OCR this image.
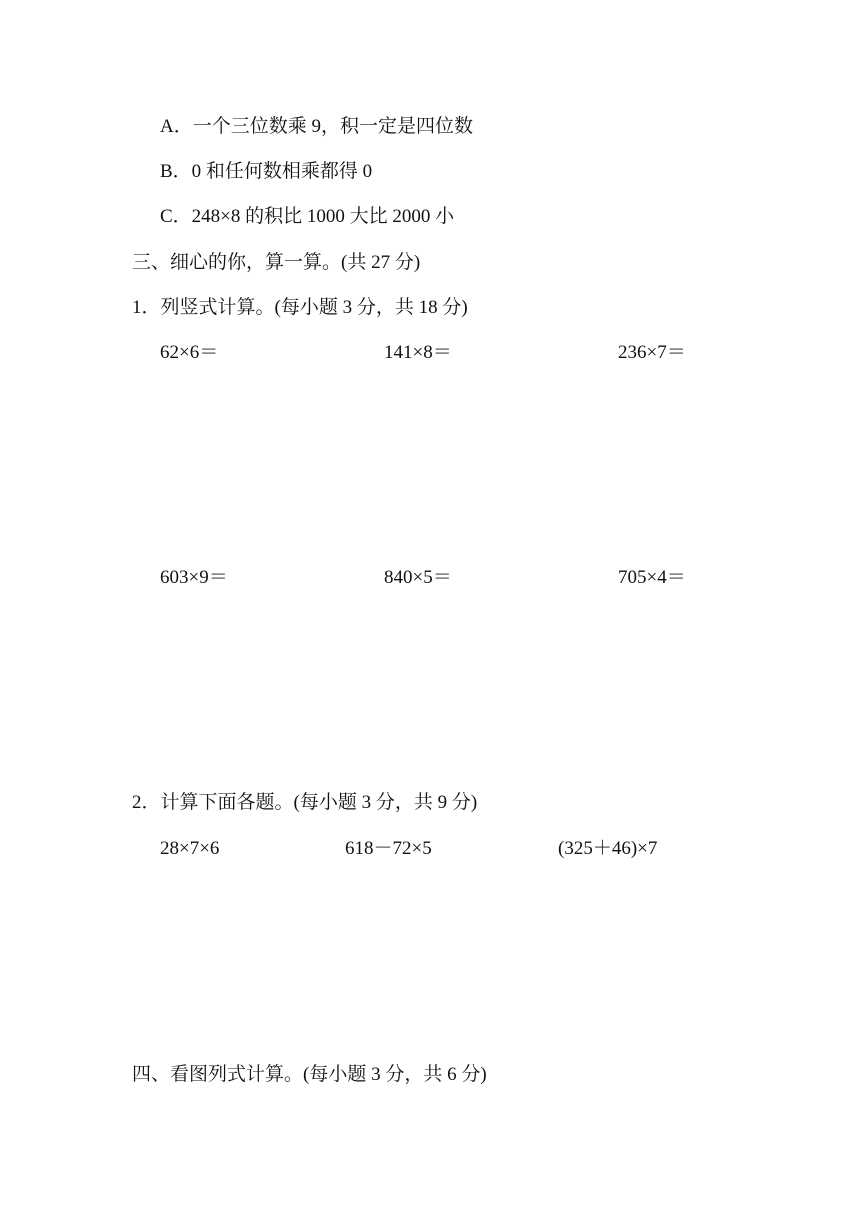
A．一个三位数乘 9，积一定是四位数
B．0 和任何数相乘都得 0
C．248×8 的积比 1000 大比 2000 小
三、细心的你，算一算。(共 27 分)
1．列竖式计算。(每小题 3 分，共 18 分)
62×6＝	141×8＝	236×7＝
603×9＝	840×5＝	705×4＝
2．计算下面各题。(每小题 3 分，共 9 分)
28×7×6	618－72×5	(325＋46)×7
四、看图列式计算。(每小题 3 分，共 6 分)
